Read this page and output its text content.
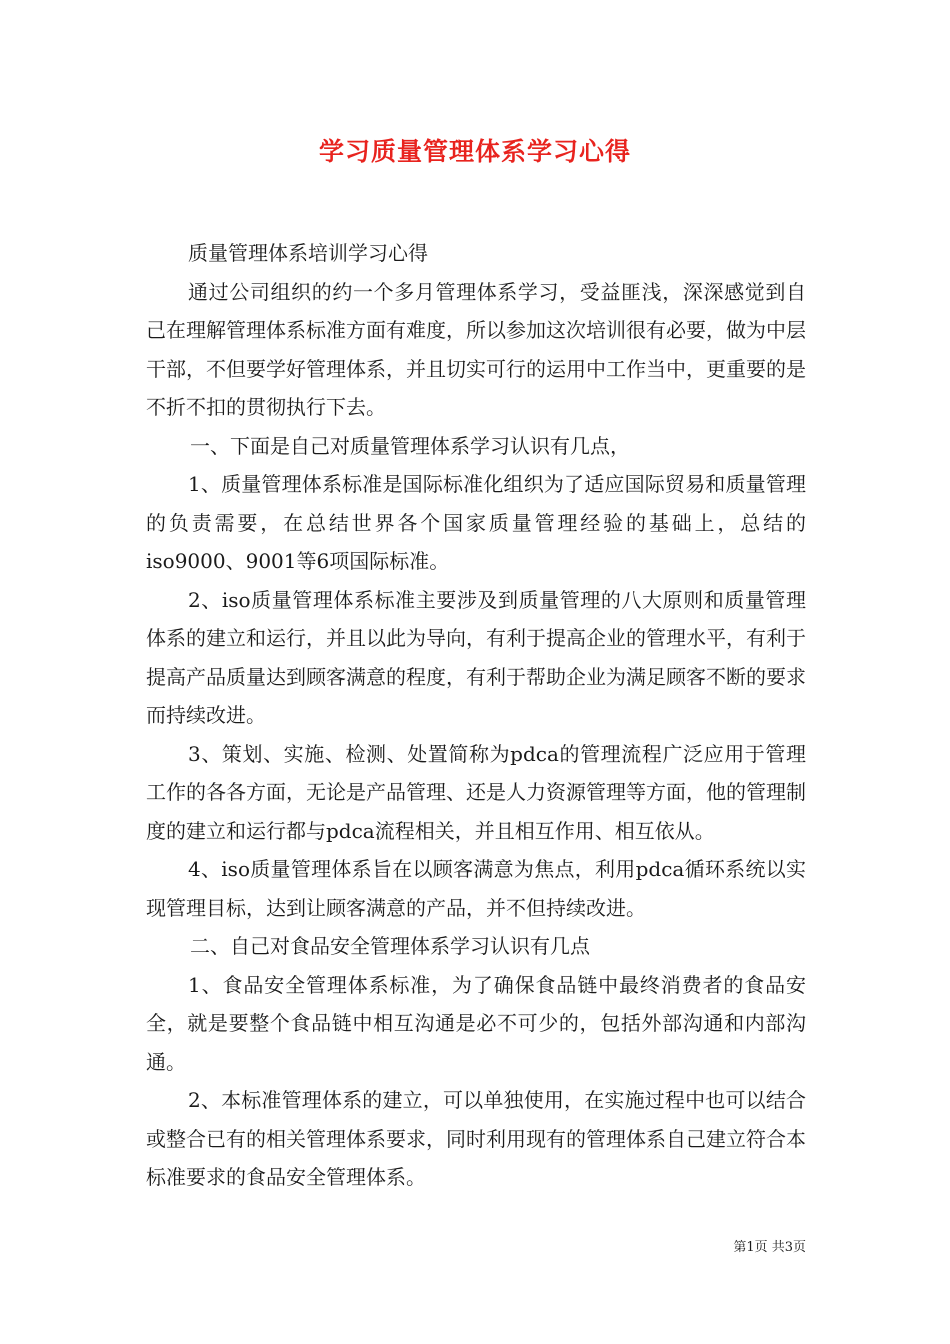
学习质量管理体系学习心得

质量管理体系培训学习心得

通过公司组织的约一个多月管理体系学习，受益匪浅，深深感觉到自己在理解管理体系标准方面有难度，所以参加这次培训很有必要，做为中层干部，不但要学好管理体系，并且切实可行的运用中工作当中，更重要的是不折不扣的贯彻执行下去。

一、下面是自己对质量管理体系学习认识有几点，

1、质量管理体系标准是国际标准化组织为了适应国际贸易和质量管理的负责需要，在总结世界各个国家质量管理经验的基础上，总结的iso9000、9001等6项国际标准。

2、iso质量管理体系标准主要涉及到质量管理的八大原则和质量管理体系的建立和运行，并且以此为导向，有利于提高企业的管理水平，有利于提高产品质量达到顾客满意的程度，有利于帮助企业为满足顾客不断的要求而持续改进。

3、策划、实施、检测、处置简称为pdca的管理流程广泛应用于管理工作的各各方面，无论是产品管理、还是人力资源管理等方面，他的管理制度的建立和运行都与pdca流程相关，并且相互作用、相互依从。

4、iso质量管理体系旨在以顾客满意为焦点，利用pdca循环系统以实现管理目标，达到让顾客满意的产品，并不但持续改进。

二、自己对食品安全管理体系学习认识有几点

1、食品安全管理体系标准，为了确保食品链中最终消费者的食品安全，就是要整个食品链中相互沟通是必不可少的，包括外部沟通和内部沟通。

2、本标准管理体系的建立，可以单独使用，在实施过程中也可以结合或整合已有的相关管理体系要求，同时利用现有的管理体系自己建立符合本标准要求的食品安全管理体系。

第1页 共3页
